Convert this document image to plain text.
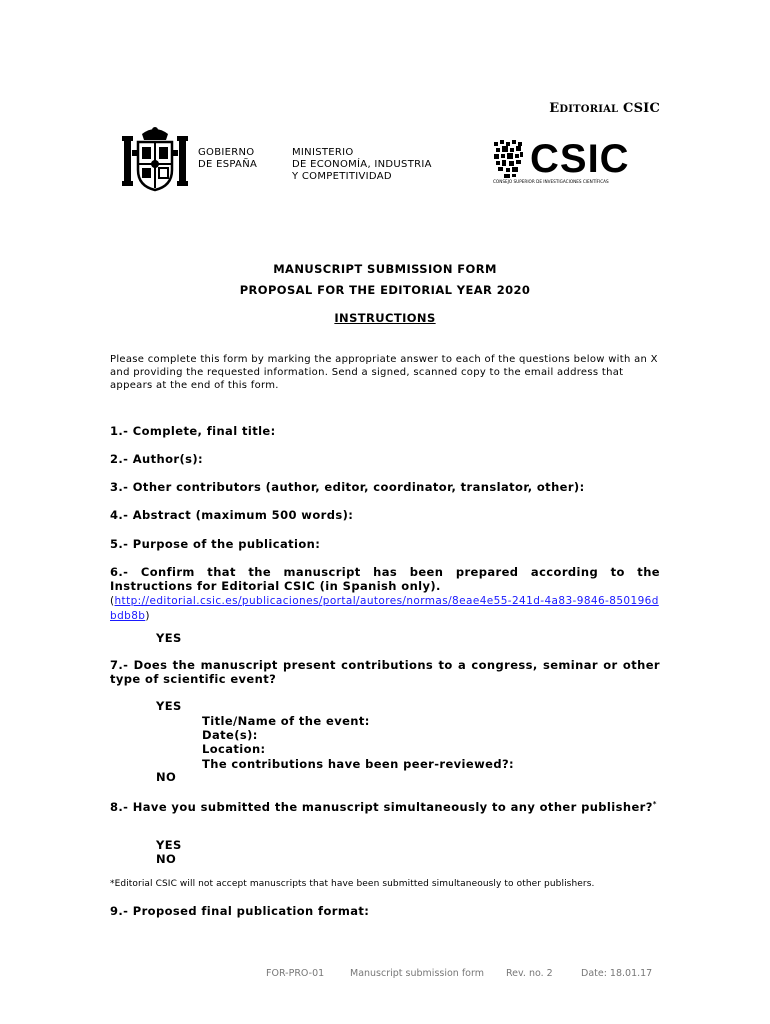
EDITORIAL CSIC
GOBIERNO
DE ESPAÑA
MINISTERIO
DE ECONOMÍA, INDUSTRIA
Y COMPETITIVIDAD	CSIC
CONSEJO SUPERIOR DE INVESTIGACIONES CIENTÍFICAS
MANUSCRIPT SUBMISSION FORM
PROPOSAL FOR THE EDITORIAL YEAR 2020
INSTRUCTIONS
Please complete this form by marking the appropriate answer to each of the questions below with an X and providing the requested information. Send a signed, scanned copy to the email address that appears at the end of this form.
1.- Complete, final title:
2.- Author(s):
3.- Other contributors (author, editor, coordinator, translator, other):
4.- Abstract (maximum 500 words):
5.- Purpose of the publication:
6.- Confirm that the manuscript has been prepared according to the Instructions for Editorial CSIC (in Spanish only).
(http://editorial.csic.es/publicaciones/portal/autores/normas/8eae4e55-241d-4a83-9846-850196dbdb8b)
YES
7.- Does the manuscript present contributions to a congress, seminar or other type of scientific event?
YES
Title/Name of the event:
Date(s):
Location:
The contributions have been peer-reviewed?:
NO
8.- Have you submitted the manuscript simultaneously to any other publisher?*
YES
NO
*Editorial CSIC will not accept manuscripts that have been submitted simultaneously to other publishers.
9.- Proposed final publication format:
FOR-PRO-01	Manuscript submission form Rev. no. 2	Date: 18.01.17
